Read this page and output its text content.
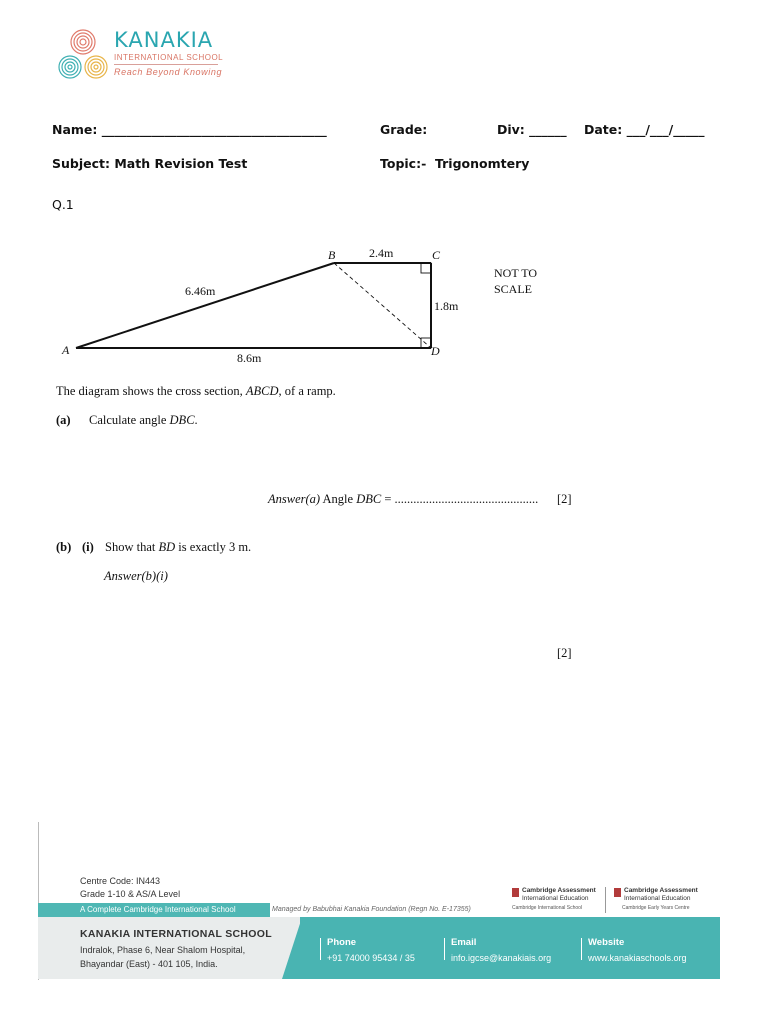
KANAKIA
INTERNATIONAL SCHOOL
Reach Beyond Knowing
Name: ____________________________________	Grade:	Div: ______ Date: ___/___/_____
Subject: Math Revision Test	Topic:-  Trigonomtery
Q.1
A
B	C
D
2.4m
1.8m
6.46m
8.6m
NOT TO
SCALE
The diagram shows the cross section, ABCD, of a ramp.
(a) Calculate angle DBC.
Answer(a) Angle DBC = .............................................. [2]
(b) (i) Show that BD is exactly 3 m.
Answer(b)(i)
[2]
Centre Code: IN443
Grade 1-10 & AS/A Level
A Complete Cambridge International School	Managed by Babubhai Kanakia Foundation (Regn No. E-17355)
Cambridge Assessment
International Education
Cambridge International School
Cambridge Assessment
International Education
Cambridge Early Years Centre
KANAKIA INTERNATIONAL SCHOOL
Indralok, Phase 6, Near Shalom Hospital,
Bhayandar (East) - 401 105, India.
Phone
+91 74000 95434 / 35
Email
info.igcse@kanakiais.org
Website
www.kanakiaschools.org
